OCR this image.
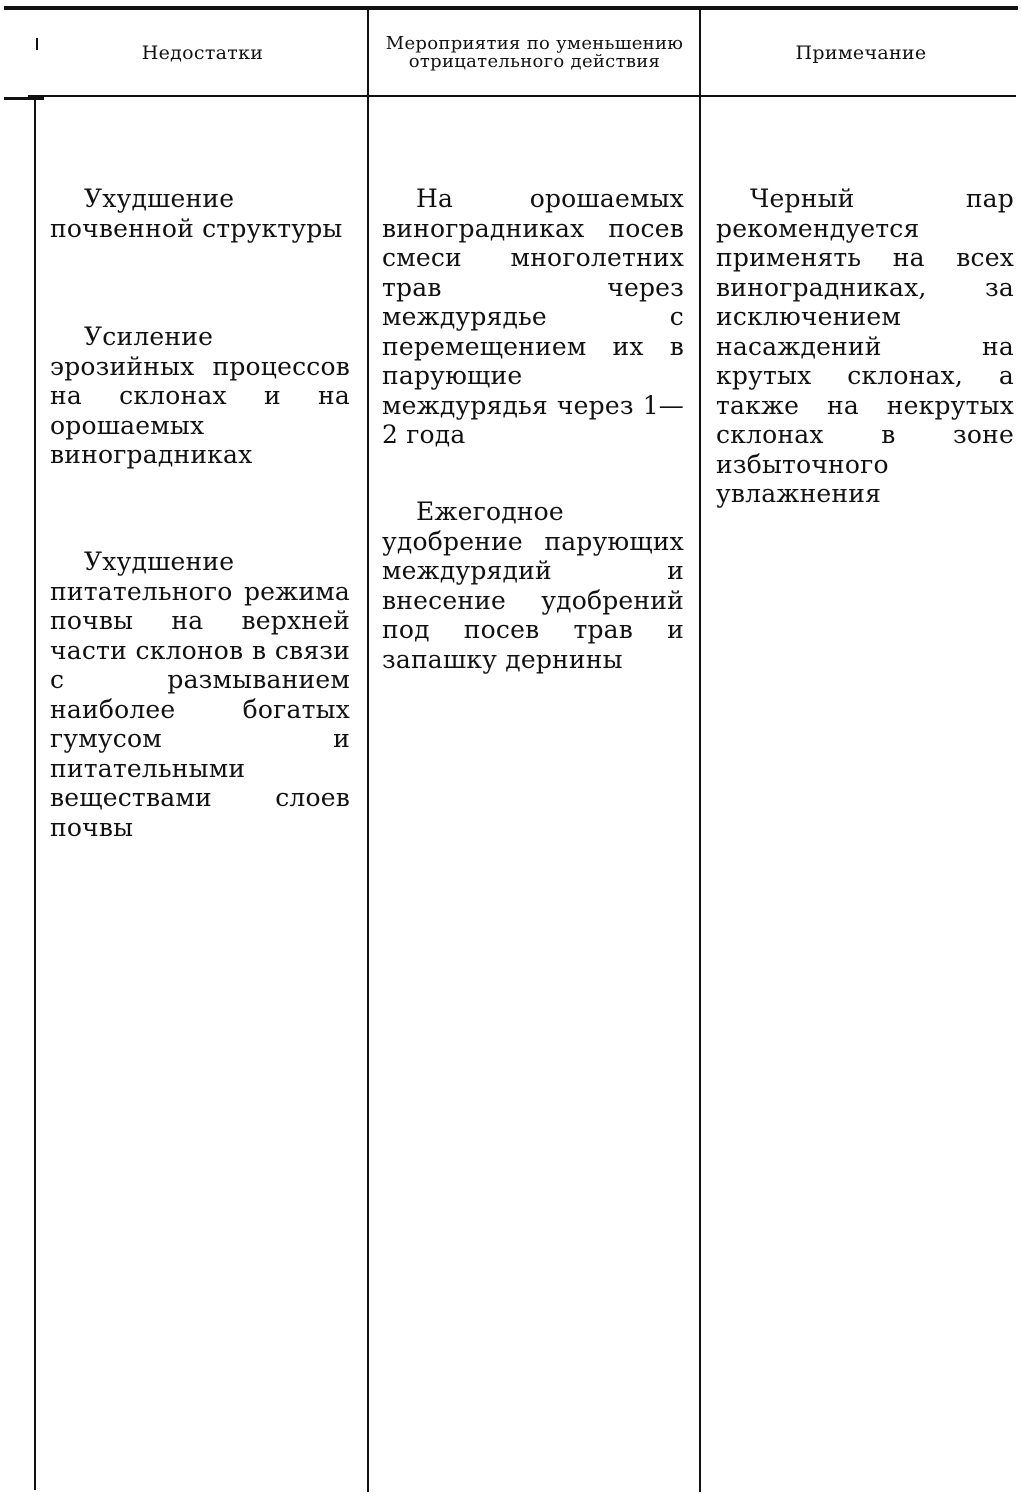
Недостатки	Мероприятия по уменьшению отрицательного действия	Примечание

Ухудшение почвенной структуры

Усиление эрозийных процессов на склонах и на орошаемых виноградниках

Ухудшение питательного режима почвы на верхней части склонов в связи с размыванием наиболее богатых гумусом и питательными веществами слоев почвы

На орошаемых виноградниках посев смеси многолетних трав через междурядье с перемещением их в парующие междурядья через 1—2 года

Ежегодное удобрение парующих междурядий и внесение удобрений под посев трав и запашку дернины

Черный пар рекомендуется применять на всех виноградниках, за исключением насаждений на крутых склонах, а также на некрутых склонах в зоне избыточного увлажнения
